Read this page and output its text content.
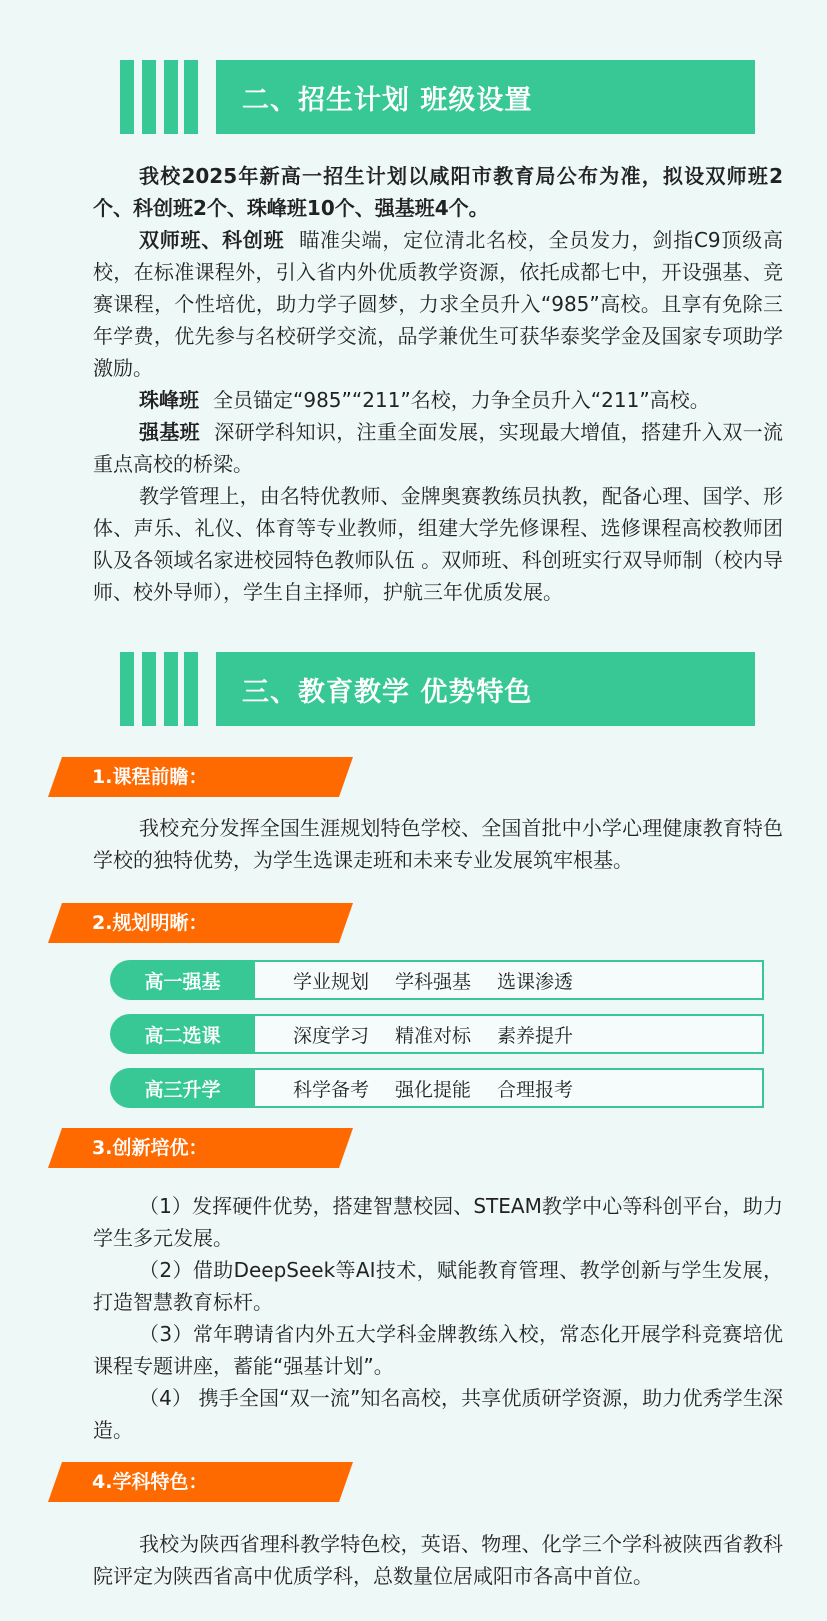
二、招生计划 班级设置

我校2025年新高一招生计划以咸阳市教育局公布为准，拟设双师班2个、科创班2个、珠峰班10个、强基班4个。

双师班、科创班 瞄准尖端，定位清北名校，全员发力，剑指C9顶级高校，在标准课程外，引入省内外优质教学资源，依托成都七中，开设强基、竞赛课程，个性培优，助力学子圆梦，力求全员升入“985”高校。且享有免除三年学费，优先参与名校研学交流，品学兼优生可获华泰奖学金及国家专项助学激励。

珠峰班 全员锚定“985”“211”名校，力争全员升入“211”高校。

强基班 深研学科知识，注重全面发展，实现最大增值，搭建升入双一流重点高校的桥梁。

教学管理上，由名特优教师、金牌奥赛教练员执教，配备心理、国学、形体、声乐、礼仪、体育等专业教师，组建大学先修课程、选修课程高校教师团队及各领域名家进校园特色教师队伍 。双师班、科创班实行双导师制（校内导师、校外导师），学生自主择师，护航三年优质发展。

三、教育教学 优势特色
1.课程前瞻：

我校充分发挥全国生涯规划特色学校、全国首批中小学心理健康教育特色学校的独特优势，为学生选课走班和未来专业发展筑牢根基。

2.规划明晰：
高一强基	学业规划 学科强基 选课渗透
高二选课	深度学习 精准对标 素养提升
高三升学	科学备考 强化提能 合理报考
3.创新培优：

（1）发挥硬件优势，搭建智慧校园、STEAM教学中心等科创平台，助力学生多元发展。

（2）借助DeepSeek等AI技术，赋能教育管理、教学创新与学生发展，打造智慧教育标杆。

（3）常年聘请省内外五大学科金牌教练入校，常态化开展学科竞赛培优课程专题讲座，蓄能“强基计划”。

（4） 携手全国“双一流”知名高校，共享优质研学资源，助力优秀学生深造。

4.学科特色：

我校为陕西省理科教学特色校，英语、物理、化学三个学科被陕西省教科院评定为陕西省高中优质学科，总数量位居咸阳市各高中首位。
